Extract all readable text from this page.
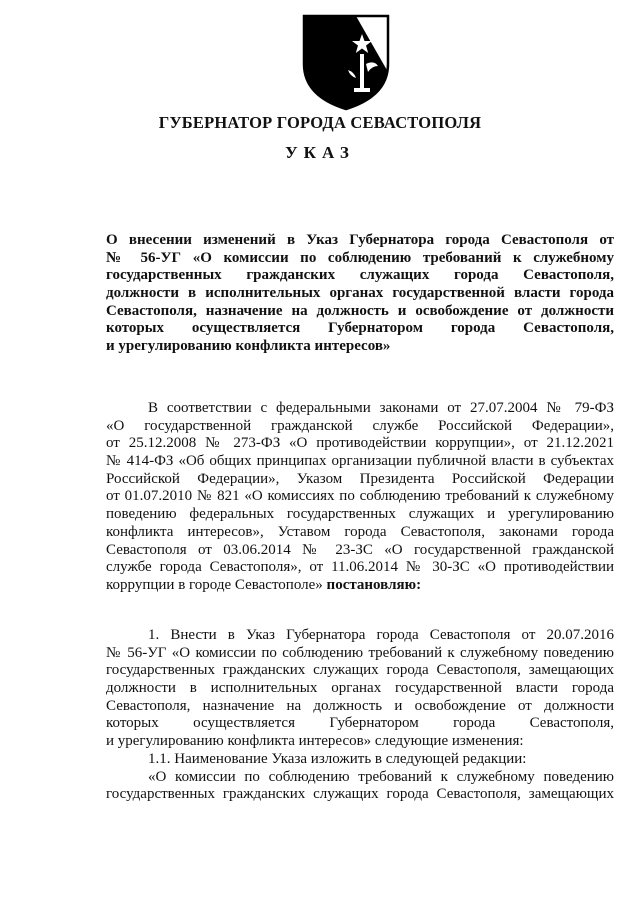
ГУБЕРНАТОР ГОРОДА СЕВАСТОПОЛЯ
УКАЗ
О внесении изменений в Указ Губернатора города Севастополя от
№ 56-УГ «О комиссии по соблюдению требований к служебному
государственных гражданских служащих города Севастополя,
должности в исполнительных органах государственной власти города
Севастополя, назначение на должность и освобождение от должности
которых осуществляется Губернатором города Севастополя,
и урегулированию конфликта интересов»
В соответствии с федеральными законами от 27.07.2004 № 79-ФЗ
«О государственной гражданской службе Российской Федерации»,
от 25.12.2008 № 273-ФЗ «О противодействии коррупции», от 21.12.2021
№ 414-ФЗ «Об общих принципах организации публичной власти в субъектах
Российской Федерации», Указом Президента Российской Федерации
от 01.07.2010 № 821 «О комиссиях по соблюдению требований к служебному
поведению федеральных государственных служащих и урегулированию
конфликта интересов», Уставом города Севастополя, законами города
Севастополя от 03.06.2014 № 23-ЗС «О государственной гражданской
службе города Севастополя», от 11.06.2014 № 30-ЗС «О противодействии
коррупции в городе Севастополе» постановляю:
1. Внести в Указ Губернатора города Севастополя от 20.07.2016
№ 56-УГ «О комиссии по соблюдению требований к служебному поведению
государственных гражданских служащих города Севастополя, замещающих
должности в исполнительных органах государственной власти города
Севастополя, назначение на должность и освобождение от должности
которых осуществляется Губернатором города Севастополя,
и урегулированию конфликта интересов» следующие изменения:
1.1. Наименование Указа изложить в следующей редакции:
«О комиссии по соблюдению требований к служебному поведению
государственных гражданских служащих города Севастополя, замещающих
